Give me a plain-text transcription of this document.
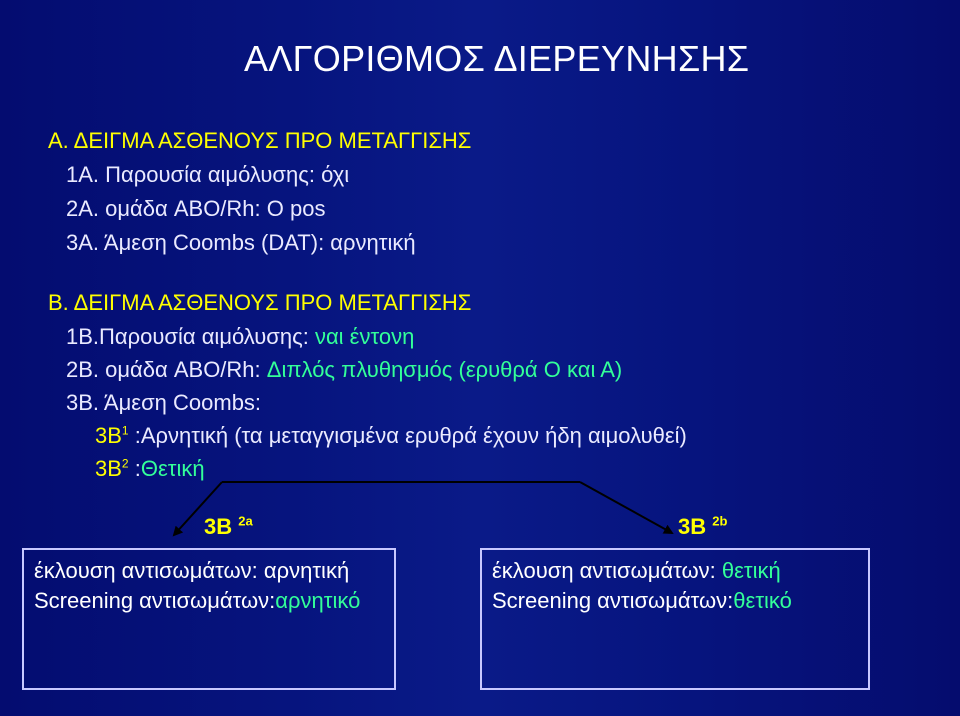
ΑΛΓΟΡΙΘΜΟΣ ΔΙΕΡΕΥΝΗΣΗΣ
Α. ΔΕΙΓΜΑ ΑΣΘΕΝΟΥΣ ΠΡΟ ΜΕΤΑΓΓΙΣΗΣ
1Α. Παρουσία αιμόλυσης: όχι
2Α. ομάδα ABO/Rh: O pos
3Α. Άμεση Coombs (DAT): αρνητική
Β. ΔΕΙΓΜΑ ΑΣΘΕΝΟΥΣ ΠΡΟ ΜΕΤΑΓΓΙΣΗΣ
1Β.Παρουσία αιμόλυσης: ναι έντονη
2Β. ομάδα ABO/Rh: Διπλός πλυθησμός (ερυθρά Ο και Α)
3Β. Άμεση Coombs:
$3B^1$ :Αρνητική (τα μεταγγισμένα ερυθρά έχουν ήδη αιμολυθεί)
$3B^2$ :Θετική
3B $^{2a}$	3B $^{2b}$
έκλουση αντισωμάτων: αρνητική
Screening αντισωμάτων:αρνητικό
έκλουση αντισωμάτων: θετική
Screening αντισωμάτων:θετικό
